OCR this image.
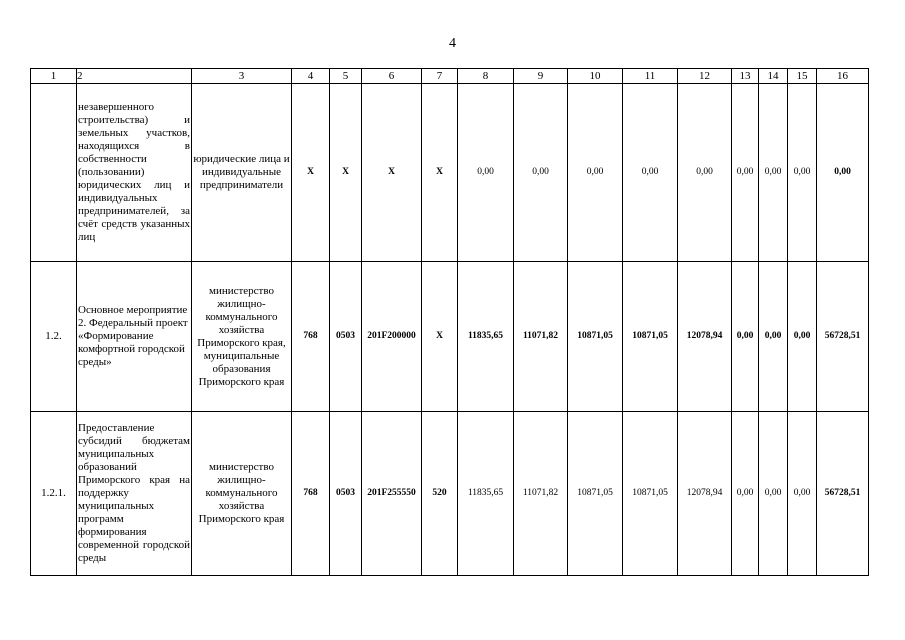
4
1	2	3	4	5	6	7	8	9	10	11	12	13	14	15	16
	незавершенного строительства) и земельных участков, находящихся в собственности (пользовании) юридических лиц и индивидуальных предпринимателей, за счёт средств указанных лиц	юридические лица и индивидуальные предприниматели	X	X	X	X	0,00	0,00	0,00	0,00	0,00	0,00	0,00	0,00	0,00
1.2.	Основное мероприятие 2. Федеральный проект «Формирование комфортной городской среды»	министерство жилищно-коммунального хозяйства Приморского края, муниципальные образования Приморского края	768	0503	201F200000	X	11835,65	11071,82	10871,05	10871,05	12078,94	0,00	0,00	0,00	56728,51
1.2.1.	Предоставление субсидий бюджетам муниципальных образований Приморского края на поддержку муниципальных программ формирования современной городской среды	министерство жилищно-коммунального хозяйства Приморского края	768	0503	201F255550	520	11835,65	11071,82	10871,05	10871,05	12078,94	0,00	0,00	0,00	56728,51
